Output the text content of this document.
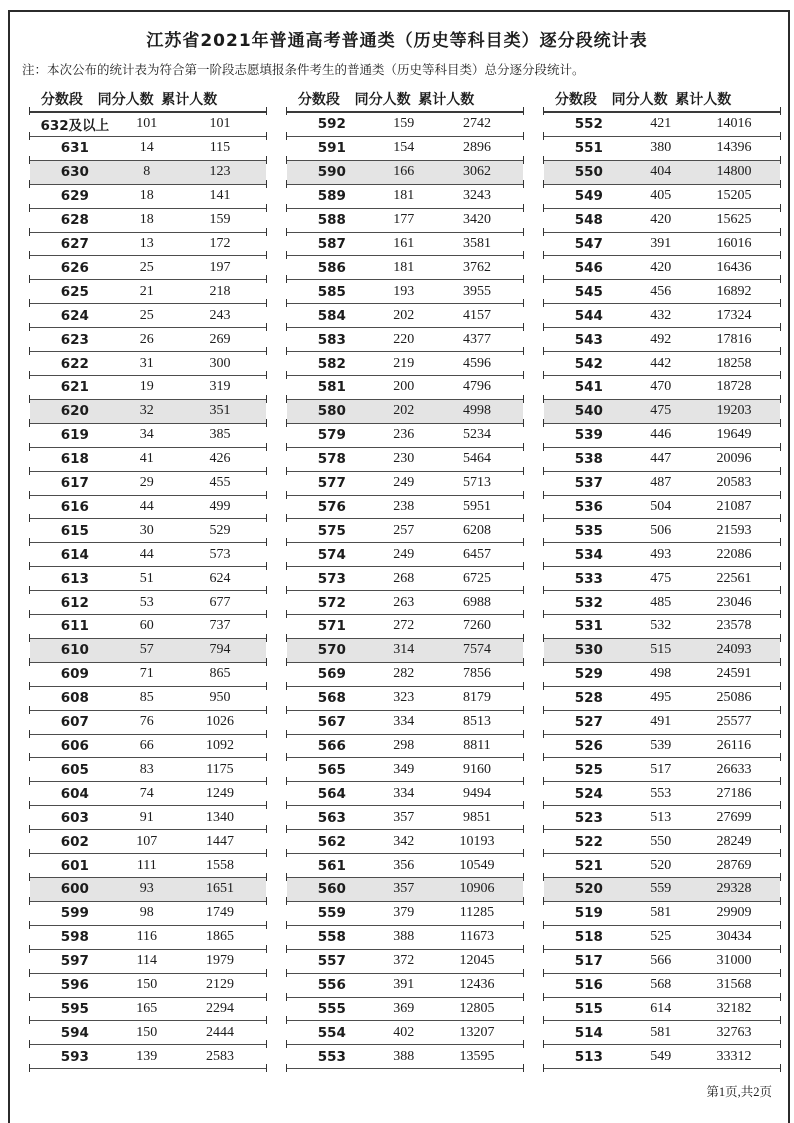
江苏省2021年普通高考普通类（历史等科目类）逐分段统计表
注：本次公布的统计表为符合第一阶段志愿填报条件考生的普通类（历史等科目类）总分逐分段统计。
分数段	同分人数 累计人数
632及以上	101	101
631	14	115
630	8	123
629	18	141
628	18	159
627	13	172
626	25	197
625	21	218
624	25	243
623	26	269
622	31	300
621	19	319
620	32	351
619	34	385
618	41	426
617	29	455
616	44	499
615	30	529
614	44	573
613	51	624
612	53	677
611	60	737
610	57	794
609	71	865
608	85	950
607	76	1026
606	66	1092
605	83	1175
604	74	1249
603	91	1340
602	107	1447
601	111	1558
600	93	1651
599	98	1749
598	116	1865
597	114	1979
596	150	2129
595	165	2294
594	150	2444
593	139	2583
分数段	同分人数 累计人数
592	159	2742
591	154	2896
590	166	3062
589	181	3243
588	177	3420
587	161	3581
586	181	3762
585	193	3955
584	202	4157
583	220	4377
582	219	4596
581	200	4796
580	202	4998
579	236	5234
578	230	5464
577	249	5713
576	238	5951
575	257	6208
574	249	6457
573	268	6725
572	263	6988
571	272	7260
570	314	7574
569	282	7856
568	323	8179
567	334	8513
566	298	8811
565	349	9160
564	334	9494
563	357	9851
562	342	10193
561	356	10549
560	357	10906
559	379	11285
558	388	11673
557	372	12045
556	391	12436
555	369	12805
554	402	13207
553	388	13595
分数段	同分人数 累计人数
552	421	14016
551	380	14396
550	404	14800
549	405	15205
548	420	15625
547	391	16016
546	420	16436
545	456	16892
544	432	17324
543	492	17816
542	442	18258
541	470	18728
540	475	19203
539	446	19649
538	447	20096
537	487	20583
536	504	21087
535	506	21593
534	493	22086
533	475	22561
532	485	23046
531	532	23578
530	515	24093
529	498	24591
528	495	25086
527	491	25577
526	539	26116
525	517	26633
524	553	27186
523	513	27699
522	550	28249
521	520	28769
520	559	29328
519	581	29909
518	525	30434
517	566	31000
516	568	31568
515	614	32182
514	581	32763
513	549	33312
第1页,共2页
